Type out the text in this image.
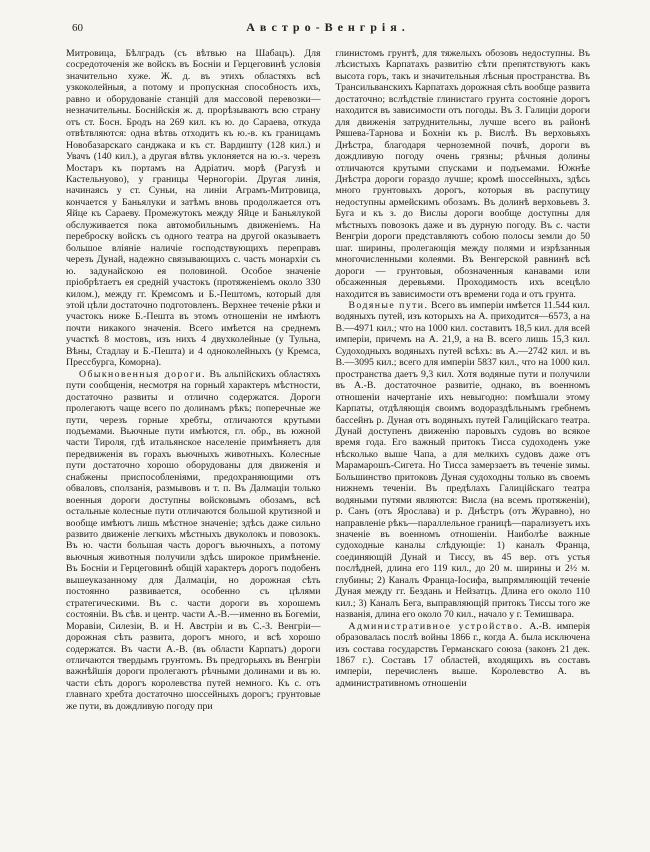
60	Австро-Венгрія.

Митровица, Бѣлградъ (съ вѣтвью на Шабацъ). Для сосредоточенія же войскъ въ Босніи и Герцеговинѣ условія значительно хуже. Ж. д. въ этихъ областяхъ всѣ узкоколейныя, а потому и пропускная способность ихъ, равно и оборудованіе станцій для массовой перевозки—незначительны. Боснійскія ж. д. прорѣзываютъ всю страну отъ ст. Босн. Бродъ на 269 кил. къ ю. до Сараева, откуда отвѣтвляются: одна вѣтвь отходитъ къ ю.-в. къ границамъ Новобазарскаго санджака и къ ст. Вардишту (128 кил.) и Увачъ (140 кил.), а другая вѣтвь уклоняется на ю.-з. черезъ Мостаръ къ портамъ на Адріатич. морѣ (Рагузѣ и Кастельнуово), у границы Черногоріи. Другая линія, начинаясь у ст. Суньи, на линіи Аграмъ-Митровица, кончается у Баньялуки и затѣмъ вновь продолжается отъ Яйце къ Сараеву. Промежутокъ между Яйце и Баньялукой обслуживается пока автомобильнымъ движеніемъ. На переброску войскъ съ одного театра на другой оказываетъ большое вліяніе наличіе господствующихъ переправъ черезъ Дунай, надежно связывающихъ с. часть монархіи съ ю. задунайскою ея половиной. Особое значеніе пріобрѣтаетъ ея средній участокъ (протяженіемъ около 330 килом.), между гг. Кремсомъ и Б.-Пештомъ, который для этой цѣли достаточно подготовленъ. Верхнее теченіе рѣки и участокъ ниже Б.-Пешта въ этомъ отношеніи не имѣютъ почти никакого значенія. Всего имѣется на среднемъ участкѣ 8 мостовъ, изъ нихъ 4 двухколейные (у Тульна, Вѣны, Стадлау и Б.-Пешта) и 4 одноколейныхъ (у Кремса, Прессбурга, Коморна).

Обыкновенныя дороги. Въ альпійскихъ областяхъ пути сообщенія, несмотря на горный характеръ мѣстности, достаточно развиты и отлично содержатся. Дороги пролегаютъ чаще всего по долинамъ рѣкъ; поперечные же пути, черезъ горные хребты, отличаются крутыми подъемами. Вьючные пути имѣются, гл. обр., въ южной части Тироля, гдѣ итальянское населеніе примѣняетъ для передвиженія въ горахъ вьючныхъ животныхъ. Колесные пути достаточно хорошо оборудованы для движенія и снабжены приспособленіями, предохраняющими отъ обваловъ, сползанія, размывовъ и т. п. Въ Далмаціи только военныя дороги доступны войсковымъ обозамъ, всѣ остальные колесные пути отличаются большой крутизной и вообще имѣютъ лишь мѣстное значеніе; здѣсь даже сильно развито движеніе легкихъ мѣстныхъ двуколокъ и повозокъ. Въ ю. части большая часть дорогъ вьючныхъ, а потому вьючныя животныя получили здѣсь широкое примѣненіе. Въ Босніи и Герцеговинѣ общій характеръ дорогъ подобенъ вышеуказанному для Далмаціи, но дорожная сѣть постоянно развивается, особенно съ цѣлями стратегическими. Въ с. части дороги въ хорошемъ состояніи. Въ сѣв. и центр. части А.-В.—именно въ Богеміи, Моравіи, Силезіи, В. и Н. Австріи и въ С.-З. Венгріи—дорожная сѣть развита, дорогъ много, и всѣ хорошо содержатся. Въ части А.-В. (въ области Карпатъ) дороги отличаются твердымъ грунтомъ. Въ предгорьяхъ въ Венгріи важнѣйшія дороги пролегаютъ рѣчными долинами и въ ю. части сѣть дорогъ королевства путей немного. Къ с. отъ главнаго хребта достаточно шоссейныхъ дорогъ; грунтовые же пути, въ дождливую погоду при

глинистомъ грунтѣ, для тяжелыхъ обозовъ недоступны. Въ лѣсистыхъ Карпатахъ развитію сѣти препятствуютъ какъ высота горъ, такъ и значительныя лѣсныя пространства. Въ Трансильванскихъ Карпатахъ дорожная сѣть вообще развита достаточно; вслѣдствіе глинистаго грунта состояніе дорогъ находится въ зависимости отъ погоды. Въ З. Галиціи дороги для движенія затруднительны, лучше всего въ районѣ Ряшева-Тарнова и Бохніи къ р. Вислѣ. Въ верховьяхъ Днѣстра, благодаря черноземной почвѣ, дороги въ дождливую погоду очень грязны; рѣчныя долины отличаются крутыми спусками и подъемами. Южнѣе Днѣстра дороги гораздо лучше; кромѣ шоссейныхъ, здѣсь много грунтовыхъ дорогъ, которыя въ распутицу недоступны армейскимъ обозамъ. Въ долинѣ верховьевъ З. Буга и къ з. до Вислы дороги вообще доступны для мѣстныхъ повозокъ даже и въ дурную погоду. Въ с. части Венгріи дороги представляютъ собою полосы земли до 50 шаг. ширины, пролегающія между полями и изрѣзанныя многочисленными колеями. Въ Венгерской равнинѣ всѣ дороги — грунтовыя, обозначенныя канавами или обсаженныя деревьями. Проходимость ихъ всецѣло находится въ зависимости отъ времени года и отъ грунта.

Водяные пути. Всего въ имперіи имѣется 11.544 кил. водяныхъ путей, изъ которыхъ на А. приходится—6573, а на В.—4971 кил.; что на 1000 кил. составитъ 18,5 кил. для всей имперіи, причемъ на А. 21,9, а на В. всего лишь 15,3 кил. Судоходныхъ водяныхъ путей всѣхъ: въ А.—2742 кил. и въ В.—3095 кил.; всего для имперіи 5837 кил., что на 1000 кил. пространства даетъ 9,3 кил. Хотя водяные пути и получили въ А.-В. достаточное развитіе, однако, въ военномъ отношеніи начертаніе ихъ невыгодно: помѣшали этому Карпаты, отдѣляющія своимъ водораздѣльнымъ гребнемъ бассейнъ р. Дуная отъ водяныхъ путей Галиційскаго театра. Дунай доступенъ движенію паровыхъ судовъ во всякое время года. Его важный притокъ Тисса судоходенъ уже нѣсколько выше Чапа, а для мелкихъ судовъ даже отъ Марамарошъ-Сигета. Но Тисса замерзаетъ въ теченіе зимы. Большинство притоковъ Дуная судоходны только въ своемъ нижнемъ теченіи. Въ предѣлахъ Галиційскаго театра водяными путями являются: Висла (на всемъ протяженіи), р. Санъ (отъ Ярослава) и р. Днѣстръ (отъ Журавно), но направленіе рѣкъ—параллельное границѣ—парализуетъ ихъ значеніе въ военномъ отношеніи. Наиболѣе важные судоходные каналы слѣдующіе: 1) каналъ Франца, соединяющій Дунай и Тиссу, въ 45 вер. отъ устья послѣдней, длина его 119 кил., до 20 м. ширины и 2½ м. глубины; 2) Каналъ Франца-Іосифа, выпрямляющій теченіе Дуная между гг. Бездань и Нейзатцъ. Длина его около 110 кил.; 3) Каналъ Бега, выправляющій притокъ Тиссы того же названія, длина его около 70 кил., начало у г. Темишвара.

Административное устройство. А.-В. имперія образовалась послѣ войны 1866 г., когда А. была исключена изъ состава государствъ Германскаго союза (законъ 21 дек. 1867 г.). Составъ 17 областей, входящихъ въ составъ имперіи, перечисленъ выше. Королевство А. въ административномъ отношеніи
